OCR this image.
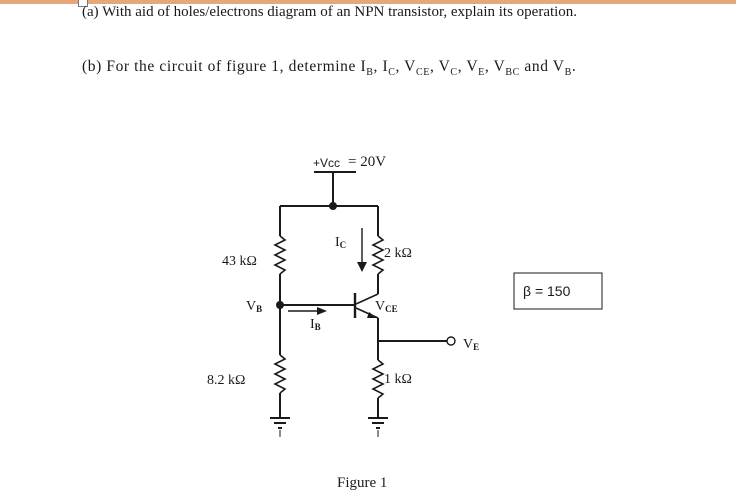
(a) With aid of holes/electrons diagram of an NPN transistor, explain its operation.
(b) For the circuit of figure 1, determine $I_B$, $I_C$, $V_{CE}$, $V_C$, $V_E$, $V_{BC}$ and $V_B$.
+Vcc = 20V
43 kΩ
8.2 kΩ
2 kΩ
1 kΩ
VB
IB
IC
VCE
VE
β = 150
Figure 1
